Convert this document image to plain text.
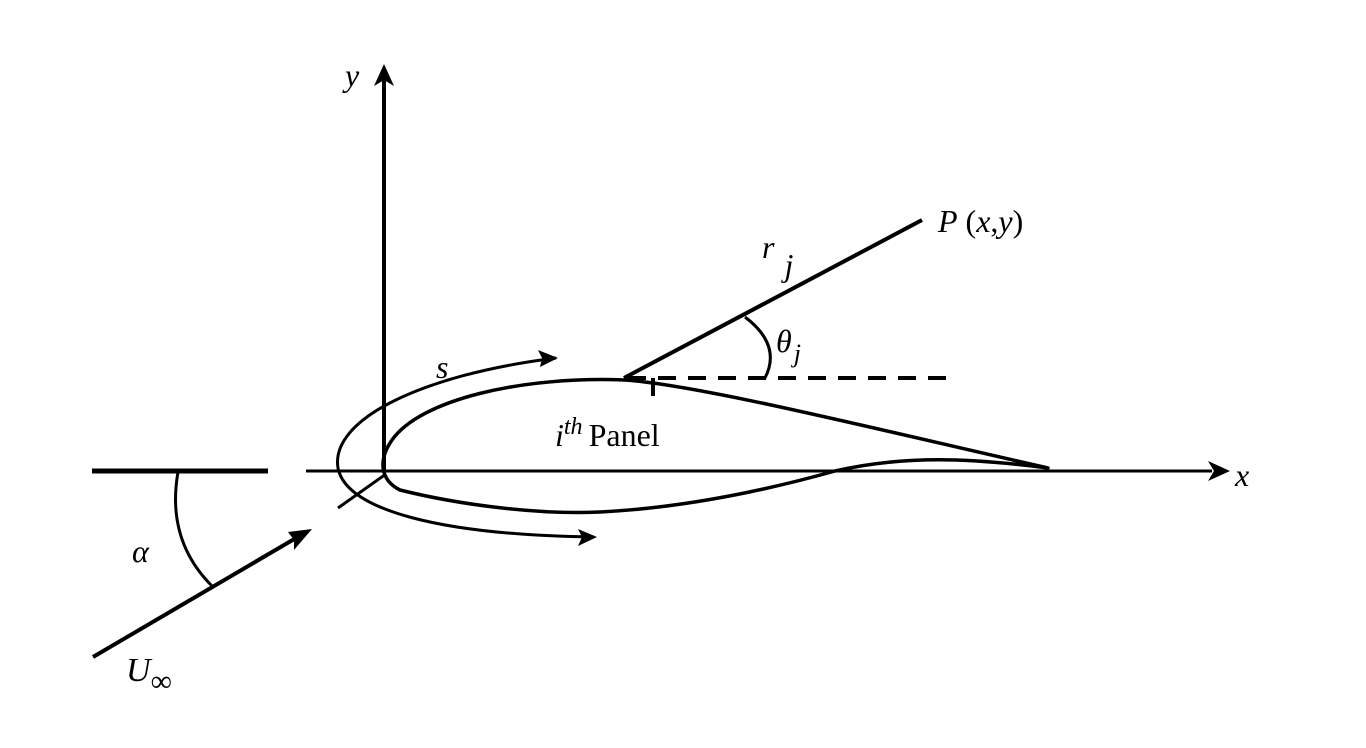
y
x
P (x,y)
r j
$\theta_j$
s
$i^{th}$ Panel
α
U∞
